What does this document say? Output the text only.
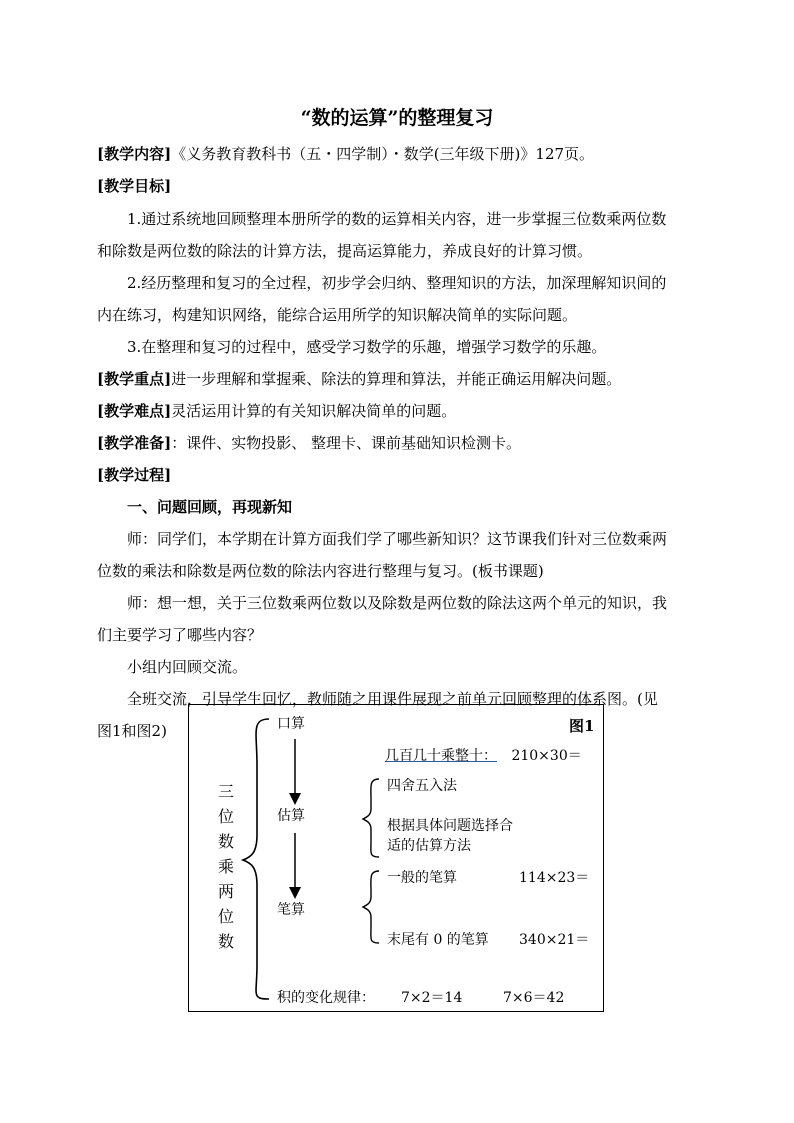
“数的运算”的整理复习
[教学内容]《义务教育教科书（五・四学制）・数学(三年级下册)》127页。
[教学目标]
1.通过系统地回顾整理本册所学的数的运算相关内容，进一步掌握三位数乘两位数
和除数是两位数的除法的计算方法，提高运算能力，养成良好的计算习惯。
2.经历整理和复习的全过程，初步学会归纳、整理知识的方法，加深理解知识间的
内在练习，构建知识网络，能综合运用所学的知识解决简单的实际问题。
3.在整理和复习的过程中，感受学习数学的乐趣，增强学习数学的乐趣。
[教学重点]进一步理解和掌握乘、除法的算理和算法，并能正确运用解决问题。
[教学难点]灵活运用计算的有关知识解决简单的问题。
[教学准备]：课件、实物投影、 整理卡、课前基础知识检测卡。
[教学过程]
一、问题回顾，再现新知
师：同学们，本学期在计算方面我们学了哪些新知识？这节课我们针对三位数乘两
位数的乘法和除数是两位数的除法内容进行整理与复习。(板书课题)
师：想一想，关于三位数乘两位数以及除数是两位数的除法这两个单元的知识，我
们主要学习了哪些内容？
小组内回顾交流。
全班交流，引导学生回忆，教师随之用课件展现之前单元回顾整理的体系图。(见
图1和图2)
三
位
数
乘
两
位
数
图1
口算
几百几十乘整十： 210×30＝
估算
四舍五入法
根据具体问题选择合
适的估算方法
笔算
一般的笔算	114×23＝
末尾有 0 的笔算 340×21＝
积的变化规律： 7×2＝14	7×6＝42
